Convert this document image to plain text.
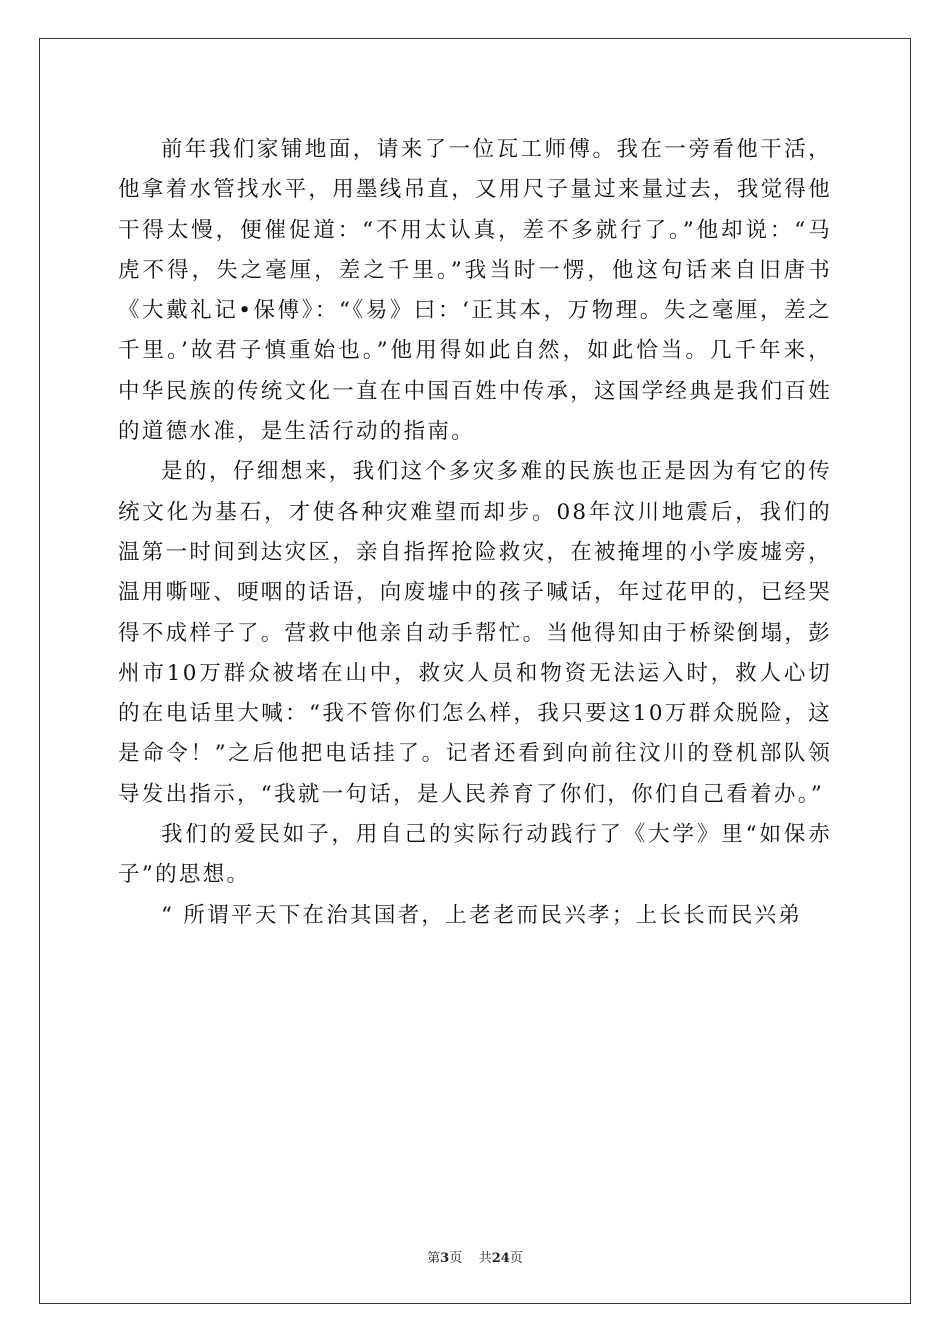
前年我们家铺地面，请来了一位瓦工师傅。我在一旁看他干活，他拿着水管找水平，用墨线吊直，又用尺子量过来量过去，我觉得他干得太慢，便催促道：“不用太认真，差不多就行了。”他却说：“马虎不得，失之毫厘，差之千里。”我当时一愣，他这句话来自旧唐书《大戴礼记•保傅》：“《易》曰：‘正其本，万物理。失之毫厘，差之千里。’故君子慎重始也。”他用得如此自然，如此恰当。几千年来，中华民族的传统文化一直在中国百姓中传承，这国学经典是我们百姓的道德水准，是生活行动的指南。

是的，仔细想来，我们这个多灾多难的民族也正是因为有它的传统文化为基石，才使各种灾难望而却步。08年汶川地震后，我们的温第一时间到达灾区，亲自指挥抢险救灾，在被掩埋的小学废墟旁，温用嘶哑、哽咽的话语，向废墟中的孩子喊话，年过花甲的，已经哭得不成样子了。营救中他亲自动手帮忙。当他得知由于桥梁倒塌，彭州市10万群众被堵在山中，救灾人员和物资无法运入时，救人心切的在电话里大喊：“我不管你们怎么样，我只要这10万群众脱险，这是命令！”之后他把电话挂了。记者还看到向前往汶川的登机部队领导发出指示，“我就一句话，是人民养育了你们，你们自己看着办。”

我们的爱民如子，用自己的实际行动践行了《大学》里“如保赤子”的思想。

“ 所谓平天下在治其国者，上老老而民兴孝；上长长而民兴弟

第3页 共24页
